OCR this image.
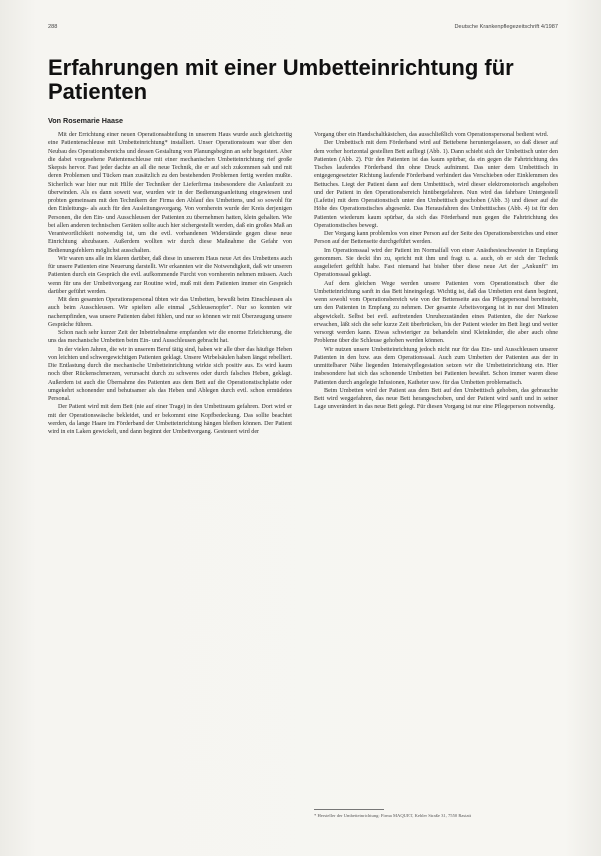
288	Deutsche Krankenpflegezeitschrift 4/1987
Erfahrungen mit einer Umbetteinrichtung für Patienten
Von Rosemarie Haase

Mit der Errichtung einer neuen Operationsabteilung in unserem Haus wurde auch gleichzeitig eine Patientenschleuse mit Umbetteinrichtung* installiert. Unser Operationsteam war über den Neubau des Operationsbereichs und dessen Gestaltung von Planungsbeginn an sehr begeistert. Aber die dabei vorgesehene Patientenschleuse mit einer mechanischen Umbetteinrichtung rief große Skepsis hervor. Fast jeder dachte an all die neue Technik, die er auf sich zukommen sah und mit deren Problemen und Tücken man zusätzlich zu den bestehenden Problemen fertig werden mußte. Sicherlich war hier nur mit Hilfe der Techniker der Lieferfirma insbesondere die Anlaufzeit zu überwinden. Als es dann soweit war, wurden wir in der Bedienungsanleitung eingewiesen und probten gemeinsam mit den Technikern der Firma den Ablauf des Umbettens, und so sowohl für den Einleitungs- als auch für den Ausleitungsvorgang. Von vornherein wurde der Kreis derjenigen Personen, die den Ein- und Ausschleusen der Patienten zu übernehmen hatten, klein gehalten. Wie bei allen anderen technischen Geräten sollte auch hier sichergestellt werden, daß ein großes Maß an Verantwortlichkeit notwendig ist, um die evtl. vorhandenen Widerstände gegen diese neue Einrichtung abzubauen. Außerdem wollten wir durch diese Maßnahme die Gefahr von Bedienungsfehlern möglichst ausschalten.

Wir waren uns alle im klaren darüber, daß diese in unserem Haus neue Art des Umbettens auch für unsere Patienten eine Neuerung darstellt. Wir erkannten wir die Notwendigkeit, daß wir unseren Patienten durch ein Gespräch die evtl. aufkommende Furcht von vornherein nehmen müssen. Auch wenn für uns der Umbettvorgang zur Routine wird, muß mit dem Patienten immer ein Gespräch darüber geführt werden.

Mit dem gesamten Operationspersonal übten wir das Umbetten, bewußt beim Einschleusen als auch beim Ausschleusen. Wir spielten alle einmal „Schleusenopfer". Nur so konnten wir nachempfinden, was unsere Patienten dabei fühlen, und nur so können wir mit Überzeugung unsere Gespräche führen.

Schon nach sehr kurzer Zeit der Inbetriebnahme empfanden wir die enorme Erleichterung, die uns das mechanische Umbetten beim Ein- und Ausschleusen gebracht hat.

In der vielen Jahren, die wir in unserem Beruf tätig sind, haben wir alle über das häufige Heben von leichten und schwergewichtigen Patienten geklagt. Unsere Wirbelsäulen haben längst rebelliert. Die Entlastung durch die mechanische Umbetteinrichtung wirkte sich positiv aus. Es wird kaum noch über Rückenschmerzen, verursacht durch zu schweres oder durch falsches Heben, geklagt. Außerdem ist auch die Übernahme des Patienten aus dem Bett auf die Operationstischplatte oder umgekehrt schonender und behutsamer als das Heben und Ablegen durch evtl. schon ermüdetes Personal.

Der Patient wird mit dem Bett (nie auf einer Trage) in den Umbettraum gefahren. Dort wird er mit der Operationswäsche bekleidet, und er bekommt eine Kopfbedeckung. Das sollte beachtet werden, da lange Haare im Förderband der Umbetteinrichtung hängen bleiben können. Der Patient wird in ein Laken gewickelt, und dann beginnt der Umbettvorgang. Gesteuert wird der

Vorgang über ein Handschaltkästchen, das ausschließlich vom Operationspersonal bedient wird.

Der Umbettisch mit dem Förderband wird auf Bettebene heruntergelassen, so daß dieser auf dem vorher horizontal gestellten Bett aufliegt (Abb. 1). Dann schiebt sich der Umbettisch unter den Patienten (Abb. 2). Für den Patienten ist das kaum spürbar, da ein gegen die Fahrtrichtung des Tisches laufendes Förderband ihn ohne Druck aufnimmt. Das unter dem Umbetttisch in entgegengesetzter Richtung laufende Förderband verhindert das Verschieben oder Einklemmen des Bettuches. Liegt der Patient dann auf dem Umbetttisch, wird dieser elektromotorisch angehoben und der Patient in den Operationsbereich hinübergefahren. Nun wird das fahrbare Untergestell (Lafette) mit dem Operationstisch unter den Umbetttisch geschoben (Abb. 3) und dieser auf die Höhe des Operationstisches abgesenkt. Das Herausfahren des Umbetttisches (Abb. 4) ist für den Patienten wiederum kaum spürbar, da sich das Förderband nun gegen die Fahrtrichtung des Operationstisches bewegt.

Der Vorgang kann problemlos von einer Person auf der Seite des Operationsbereiches und einer Person auf der Bettenseite durchgeführt werden.

Im Operationssaal wird der Patient im Normalfall von einer Anästhesieschwester in Empfang genommen. Sie deckt ihn zu, spricht mit ihm und fragt u. a. auch, ob er sich der Technik ausgeliefert gefühlt habe. Fast niemand hat bisher über diese neue Art der „Ankunft" im Operationssaal geklagt.

Auf dem gleichen Wege werden unsere Patienten vom Operationstisch über die Umbetteinrichtung sanft in das Bett hineingelegt. Wichtig ist, daß das Umbetten erst dann beginnt, wenn sowohl vom Operationsbereich wie von der Bettenseite aus das Pflegepersonal bereitsteht, um den Patienten in Empfang zu nehmen. Der gesamte Arbeitsvorgang ist in nur drei Minuten abgewickelt. Selbst bei evtl. auftretenden Unruhezuständen eines Patienten, die der Narkose erwachen, läßt sich die sehr kurze Zeit überbrücken, bis der Patient wieder im Bett liegt und weiter versorgt werden kann. Etwas schwieriger zu behandeln sind Kleinkinder, die aber auch ohne Probleme über die Schleuse gehoben werden können.

Wir nutzen unsere Umbetteinrichtung jedoch nicht nur für das Ein- und Ausschleusen unserer Patienten in den bzw. aus dem Operationssaal. Auch zum Umbetten der Patienten aus der in unmittelbarer Nähe liegenden Intensivpflegestation setzen wir die Umbetteinrichtung ein. Hier insbesondere hat sich das schonende Umbetten bei Patienten bewährt. Schon immer waren diese Patienten durch angelegte Infusionen, Katheter usw. für das Umbetten problematisch.

Beim Umbetten wird der Patient aus dem Bett auf den Umbetttisch gehoben, das gebrauchte Bett wird weggefahren, das neue Bett herangeschoben, und der Patient wird sanft und in seiner Lage unverändert in das neue Bett gelegt. Für diesen Vorgang ist nur eine Pflegeperson notwendig.

* Hersteller der Umbetteinrichtung: Firma MAQUET, Kehler Straße 31, 7550 Rastatt
